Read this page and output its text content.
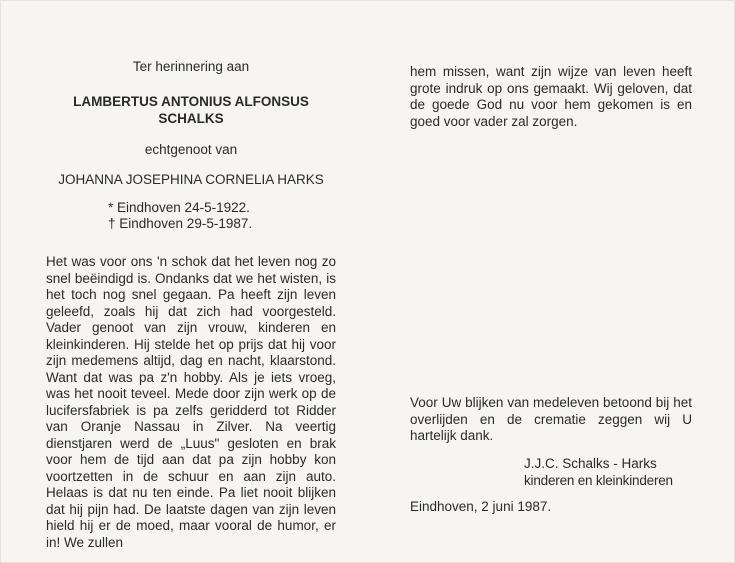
Ter herinnering aan
LAMBERTUS ANTONIUS ALFONSUS
SCHALKS
echtgenoot van
JOHANNA JOSEPHINA CORNELIA HARKS
* Eindhoven 24-5-1922.
† Eindhoven 29-5-1987.
Het was voor ons 'n schok dat het leven nog zo snel beëindigd is. Ondanks dat we het wisten, is het toch nog snel gegaan. Pa heeft zijn leven geleefd, zoals hij dat zich had voorgesteld. Vader genoot van zijn vrouw, kinderen en kleinkinderen. Hij stelde het op prijs dat hij voor zijn medemens altijd, dag en nacht, klaarstond. Want dat was pa z'n hobby. Als je iets vroeg, was het nooit teveel. Mede door zijn werk op de lucifersfabriek is pa zelfs geridderd tot Ridder van Oranje Nassau in Zilver. Na veertig dienstjaren werd de „Luus" gesloten en brak voor hem de tijd aan dat pa zijn hobby kon voortzetten in de schuur en aan zijn auto. Helaas is dat nu ten einde. Pa liet nooit blijken dat hij pijn had. De laatste dagen van zijn leven hield hij er de moed, maar vooral de humor, er in! We zullen
hem missen, want zijn wijze van leven heeft grote indruk op ons gemaakt. Wij geloven, dat de goede God nu voor hem gekomen is en goed voor vader zal zorgen.
Voor Uw blijken van medeleven betoond bij het overlijden en de crematie zeggen wij U hartelijk dank.
J.J.C. Schalks - Harks
kinderen en kleinkinderen
Eindhoven, 2 juni 1987.
